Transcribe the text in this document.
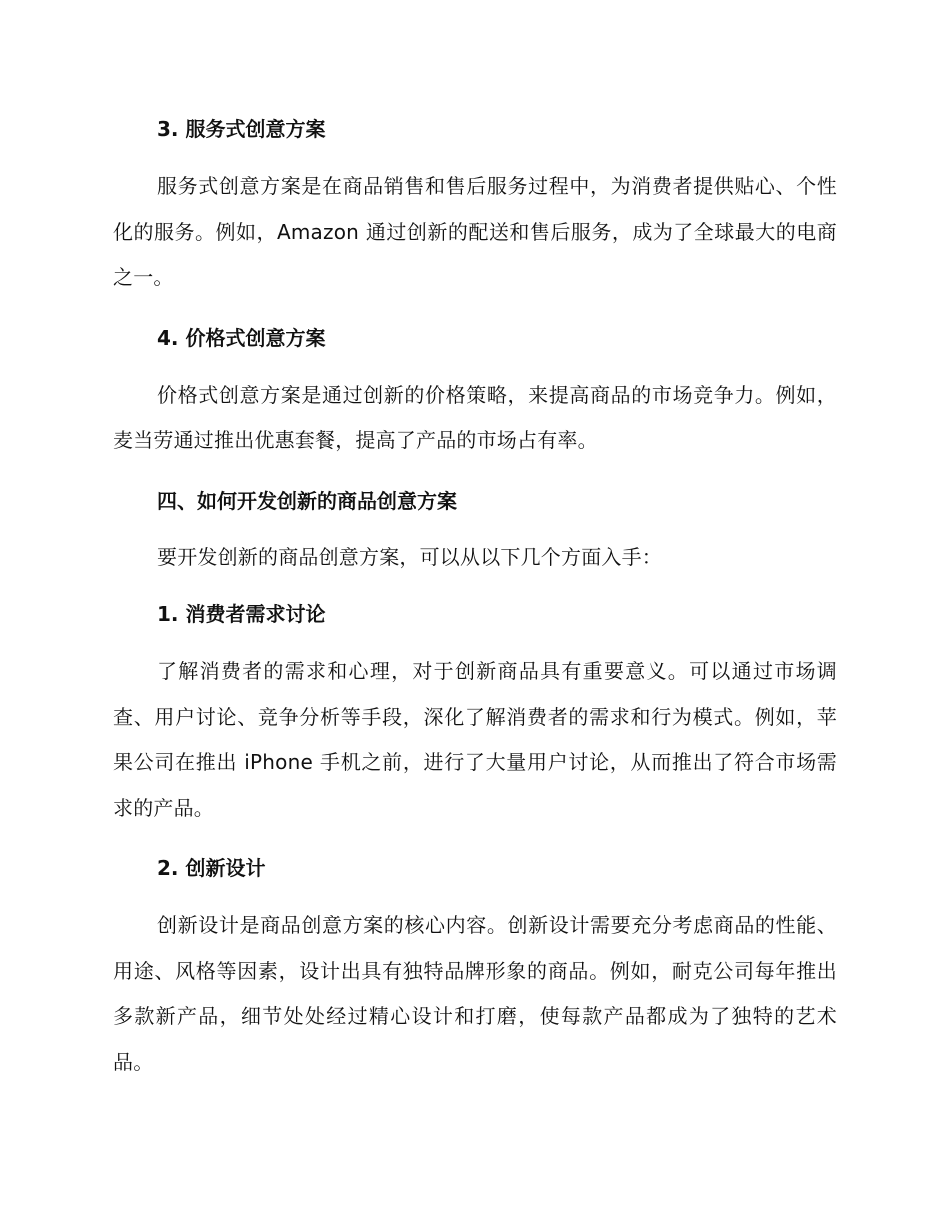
3. 服务式创意方案

服务式创意方案是在商品销售和售后服务过程中，为消费者提供贴心、个性化的服务。例如，Amazon 通过创新的配送和售后服务，成为了全球最大的电商之一。

4. 价格式创意方案

价格式创意方案是通过创新的价格策略，来提高商品的市场竞争力。例如，麦当劳通过推出优惠套餐，提高了产品的市场占有率。

四、如何开发创新的商品创意方案

要开发创新的商品创意方案，可以从以下几个方面入手：

1. 消费者需求讨论

了解消费者的需求和心理，对于创新商品具有重要意义。可以通过市场调查、用户讨论、竞争分析等手段，深化了解消费者的需求和行为模式。例如，苹果公司在推出 iPhone 手机之前，进行了大量用户讨论，从而推出了符合市场需求的产品。

2. 创新设计

创新设计是商品创意方案的核心内容。创新设计需要充分考虑商品的性能、用途、风格等因素，设计出具有独特品牌形象的商品。例如，耐克公司每年推出多款新产品，细节处处经过精心设计和打磨，使每款产品都成为了独特的艺术品。
